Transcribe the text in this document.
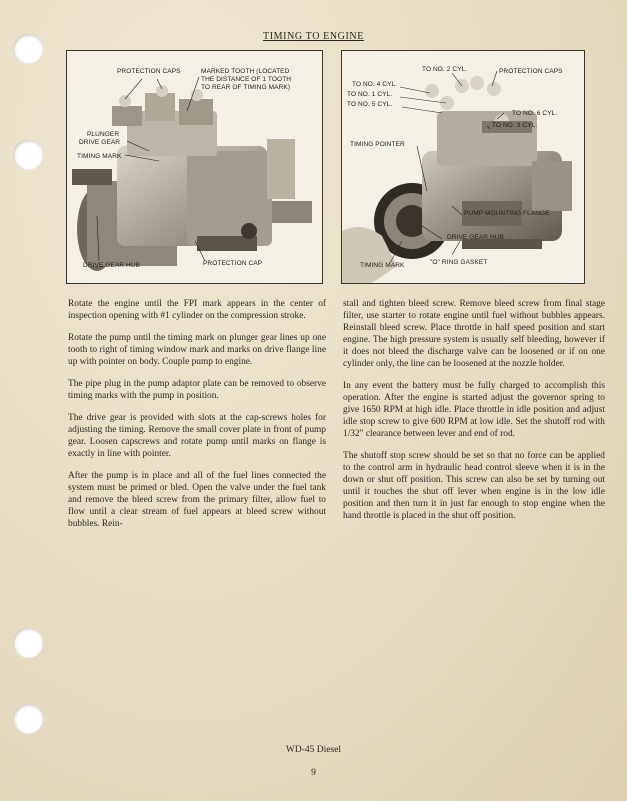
TIMING TO ENGINE
PROTECTION CAPS	MARKED TOOTH (LOCATED
THE DISTANCE OF 1 TOOTH
TO REAR OF TIMING MARK)
PLUNGER
DRIVE GEAR
TIMING MARK
DRIVE GEAR HUB	PROTECTION CAP
TO NO. 2 CYL.	PROTECTION CAPS
TO NO. 4 CYL.
TO NO. 1 CYL.
TO NO. 5 CYL.
TO NO. 6 CYL.
TO NO. 3 CYL.
TIMING POINTER
PUMP MOUNTING FLANGE
DRIVE GEAR HUB
TIMING MARK	"O" RING GASKET

Rotate the engine until the FPI mark appears in the center of inspection opening with #1 cylinder on the compression stroke.

Rotate the pump until the timing mark on plunger gear lines up one tooth to right of timing window mark and marks on drive flange line up with pointer on body. Couple pump to engine.

The pipe plug in the pump adaptor plate can be removed to observe timing marks with the pump in position.

The drive gear is provided with slots at the cap-screws holes for adjusting the timing. Remove the small cover plate in front of pump gear. Loosen capscrews and rotate pump until marks on flange is exactly in line with pointer.

After the pump is in place and all of the fuel lines connected the system must be primed or bled. Open the valve under the fuel tank and remove the bleed screw from the primary filter, allow fuel to flow until a clear stream of fuel appears at bleed screw without bubbles. Rein-

stall and tighten bleed screw. Remove bleed screw from final stage filter, use starter to rotate engine until fuel without bubbles appears. Reinstall bleed screw. Place throttle in half speed position and start engine. The high pressure system is usually self bleeding, however if it does not bleed the discharge valve can be loosened or if on one cylinder only, the line can be loosened at the nozzle holder.

In any event the battery must be fully charged to accomplish this operation. After the engine is started adjust the governor spring to give 1650 RPM at high idle. Place throttle in idle position and adjust idle stop screw to give 600 RPM at low idle. Set the shutoff rod with 1/32" clearance between lever and end of rod.

The shutoff stop screw should be set so that no force can be applied to the control arm in hydraulic head control sleeve when it is in the down or shut off position. This screw can also be set by turning out until it touches the shut off lever when engine is in the low idle position and then turn it in just far enough to stop engine when the hand throttle is placed in the shut off position.

WD-45 Diesel
9
